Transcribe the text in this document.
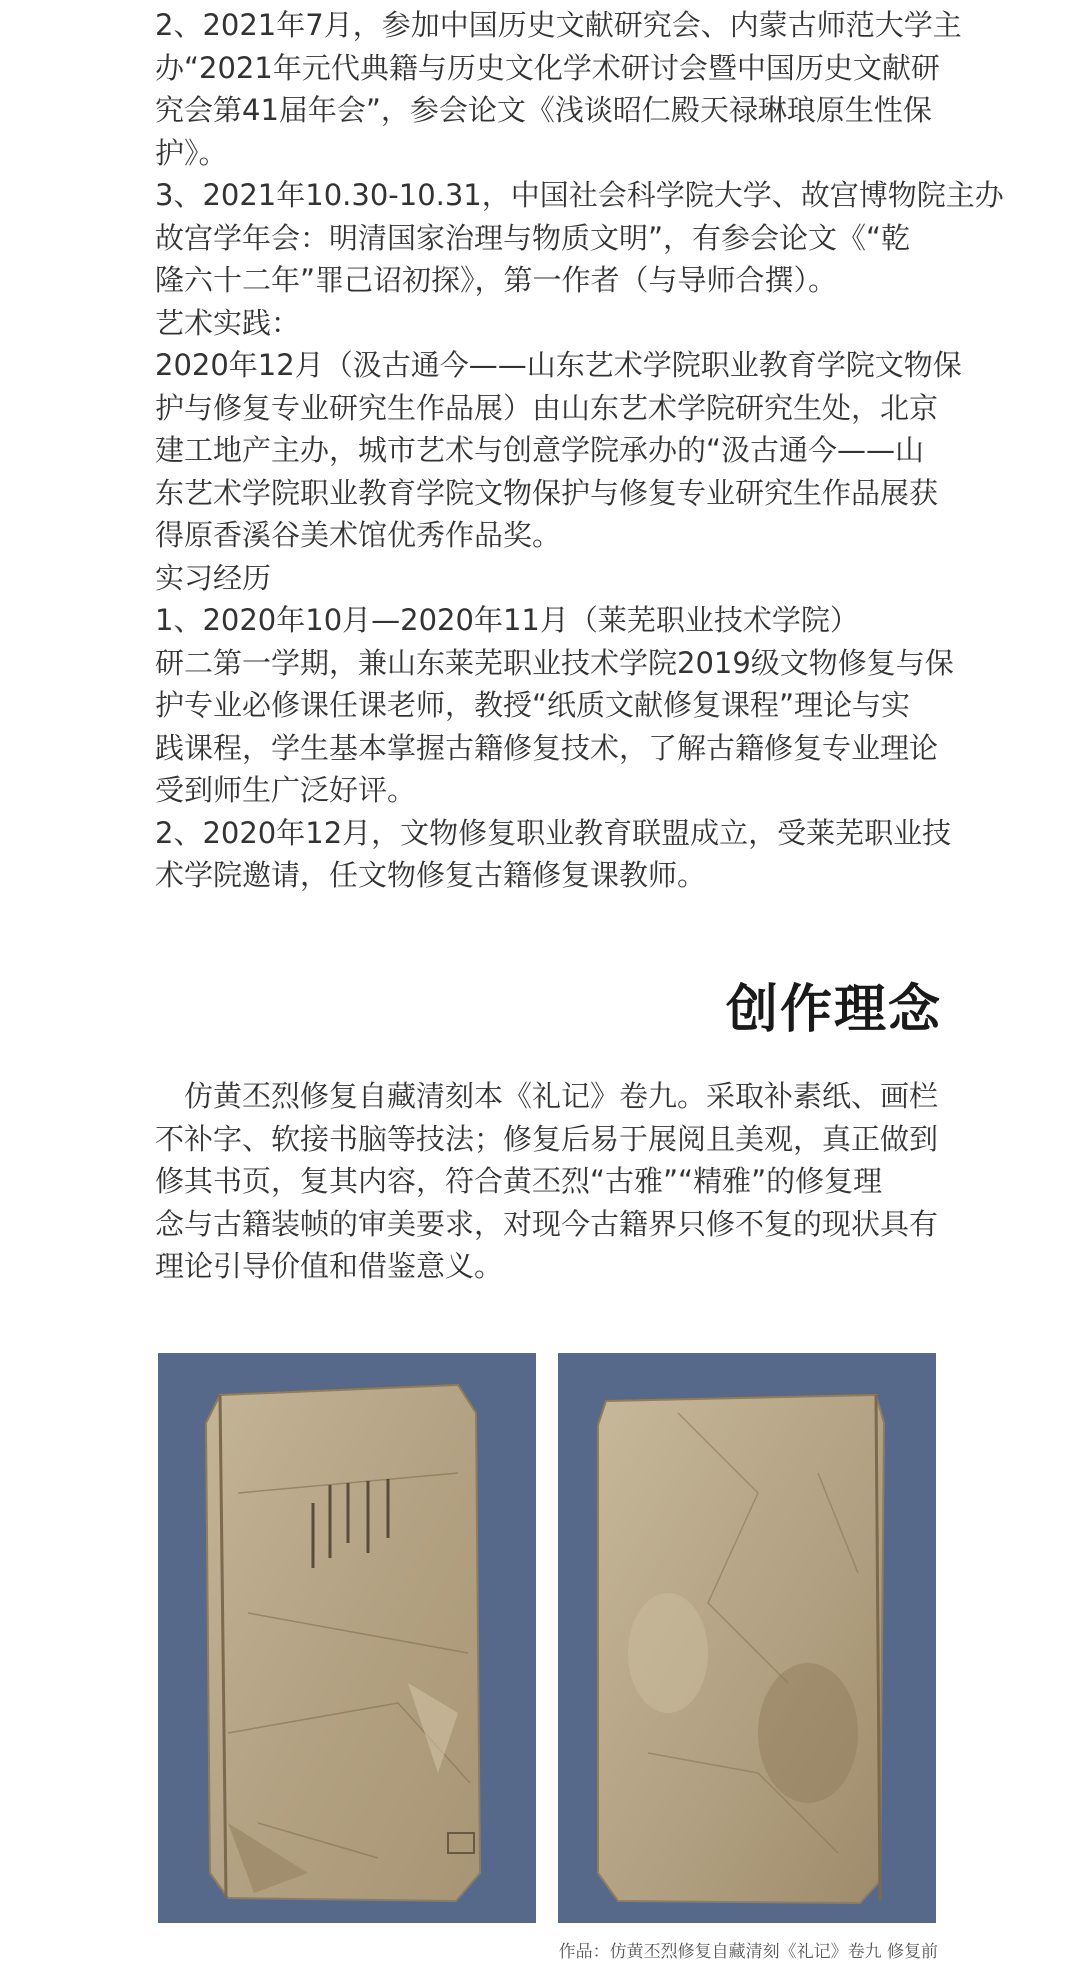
2、2021年7月，参加中国历史文献研究会、内蒙古师范大学主
办“2021年元代典籍与历史文化学术研讨会暨中国历史文献研
究会第41届年会”，参会论文《浅谈昭仁殿天禄琳琅原生性保
护》。
3、2021年10.30-10.31，中国社会科学院大学、故宫博物院主办
故宫学年会：明清国家治理与物质文明”，有参会论文《“乾
隆六十二年”罪己诏初探》，第一作者（与导师合撰）。
艺术实践：
2020年12月（汲古通今——山东艺术学院职业教育学院文物保
护与修复专业研究生作品展）由山东艺术学院研究生处，北京
建工地产主办，城市艺术与创意学院承办的“汲古通今——山
东艺术学院职业教育学院文物保护与修复专业研究生作品展获
得原香溪谷美术馆优秀作品奖。
实习经历
1、2020年10月—2020年11月（莱芜职业技术学院）
研二第一学期，兼山东莱芜职业技术学院2019级文物修复与保
护专业必修课任课老师，教授“纸质文献修复课程”理论与实
践课程，学生基本掌握古籍修复技术，了解古籍修复专业理论
受到师生广泛好评。
2、2020年12月，文物修复职业教育联盟成立，受莱芜职业技
术学院邀请，任文物修复古籍修复课教师。
创作理念
　仿黄丕烈修复自藏清刻本《礼记》卷九。采取补素纸、画栏
不补字、软接书脑等技法；修复后易于展阅且美观，真正做到
修其书页，复其内容，符合黄丕烈“古雅”“精雅”的修复理
念与古籍装帧的审美要求，对现今古籍界只修不复的现状具有
理论引导价值和借鉴意义。
作品：仿黄丕烈修复自藏清刻《礼记》卷九 修复前
